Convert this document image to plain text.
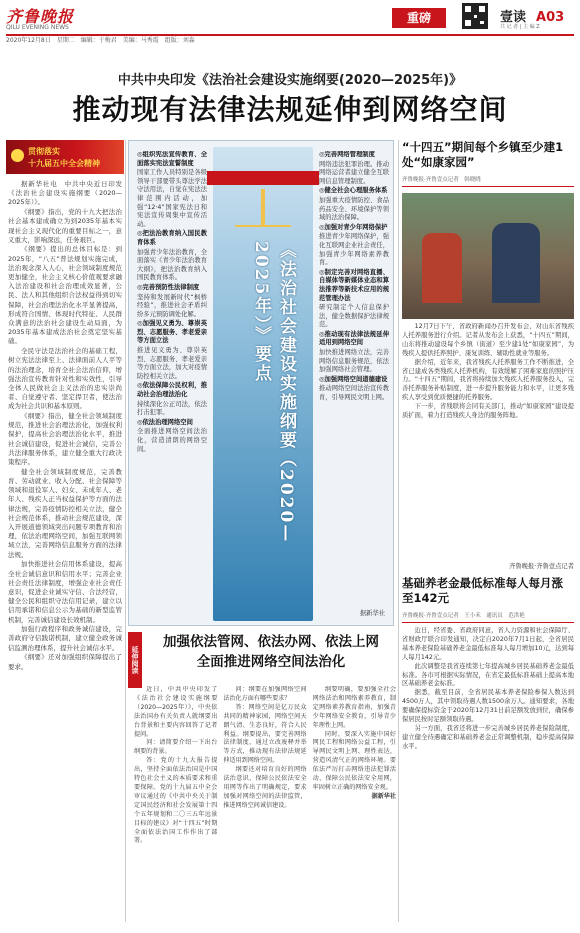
齐鲁晚报
QILU EVENING NEWS
重磅	壹读 A03
共 记 者 | 主 编 Z
2020年12月8日　星期二　编辑：于梅君　美编：马秀霞　组版：刘淼
中共中央印发《法治社会建设实施纲要(2020—2025年)》
推动现有法律法规延伸到网络空间
贯彻落实
十九届五中全会精神

据新华社电　中共中央近日印发《法治社会建设实施纲要（2020—2025年）》。

《纲要》指出，党的十九大把法治社会基本建成确立为到2035年基本实现社会主义现代化的重要目标之一，意义重大，影响深远，任务艰巨。

《纲要》提出的总体目标是：到2025年，“八五”普法规划实施完成，法治观念深入人心，社会领域制度规范更加健全，社会主义核心价值观要求融入法治建设和社会治理成效显著，公民、法人和其他组织合法权益得到切实保障，社会治理法治化水平显著提高，形成符合国情、体现时代特征、人民群众满意的法治社会建设生动局面，为2035年基本建成法治社会奠定坚实基础。

全民守法是法治社会的基础工程，树立宪法法律至上、法律面前人人平等的法治理念，培育全社会法治信仰，增强法治宣传教育针对性和实效性，引导全体人民做社会主义法治的忠实崇尚者、自觉遵守者、坚定捍卫者，使法治成为社会共识和基本原则。

《纲要》指出，健全社会领域制度规范，推进社会治理法治化，加强权利保护，提高社会治理法治化水平，推进社会诚信建设，促进社会诚信，完善公共法律服务体系，建立健全重大行政决策程序。

健全社会领域制度规范，完善教育、劳动就业、收入分配、社会保障等领域和退役军人、妇女、未成年人、老年人、残疾人正当权益保护等方面的法律法规，完善疫情防控相关立法，健全社会规范体系，推动社会规范建设，深入开展道德领域突出问题专项教育和治理，依法治理网络空间，加强互联网领域立法，完善网络信息服务方面的法律法规。

加快推进社会信用体系建设，提高全社会诚信意识和信用水平；完善企业社会责任法律制度，增强企业社会责任意识，促进企业诚实守信、合法经营，健全公民和组织守法信用记录，建立以信用承诺和信息公示为基础的新型监管机制，完善诚信建设长效机制。

加强行政程序和政务诚信建设，完善政府守信践诺机制，建立健全政务诚信监测治理体系，提升社会诚信水平。

《纲要》还对加强组织保障提出了要求。

《法治社会建设实施纲要（2020—2025年）》要点

◎组织宪法宣传教育、全面落实宪法宣誓制度

国家工作人员特别是各级领导干部要带头尊法学法守法用法，自觉在宪法法律范围内活动，加强“12·4”国家宪法日和宪法宣传周集中宣传活动。

◎把法治教育纳入国民教育体系

加强青少年法治教育，全面落实《青少年法治教育大纲》，把法治教育纳入国民教育体系。

◎完善预防性法律制度

坚持和发展新时代“枫桥经验”，推进社会矛盾纠纷多元预防调处化解。

◎加强见义勇为、尊崇英烈、志愿服务、孝老爱亲等方面立法

推进见义勇为、尊崇英烈、志愿服务、孝老爱亲等方面立法，加大对疫情防控相关立法。

◎依法保障公民权利，推动社会治理法治化

持续深化公正司法，依法打击犯罪。

◎依法治理网络空间

全面推进网络空间法治化，营造清朗的网络空间。

◎完善网络管理制度

网络违法犯罪治理。推动网络运营者建立健全互联网信息管理制度。

◎健全社会心理服务体系

加强重大疫情防控、食品药品安全、环境保护等领域的法治保障。

◎加强对青少年网络保护

推进青少年网络保护，强化互联网企业社会责任，加强青少年网络素养教育。

◎制定完善对网络直播、自媒体等新媒体业态和算法推荐等新技术应用的规范管理办法

研究制定个人信息保护法，健全数据保护法律规范。

◎推动现有法律法规延伸适用到网络空间

加快推进网络立法，完善网络信息服务规范，依法加强网络社会管理。

◎加强网络空间道德建设

推动网络空间法治宣传教育，引导网民文明上网。

据新华社
“十四五”期间每个乡镇至少建1处“如康家园”
齐鲁晚报·齐鲁壹点记者　韩晓晓

12月7日下午，省政府新闻办召开发布会，对山东省残疾人托养服务进行介绍。记者从发布会上获悉，“十四五”期间，山东将推动建设每个乡镇（街道）至少建1处“如康家园”，为残疾人提供托养照护、康复训练、辅助性就业等服务。

据介绍，近年来，我省残疾人托养服务工作不断推进，全省已建成各类残疾人托养机构，有效缓解了困难家庭的照护压力。“十四五”期间，我省将持续加大残疾人托养服务投入，完善托养服务补贴制度，进一步提升服务能力和水平，让更多残疾人享受到优质便捷的托养服务。

下一步，省残联将会同有关部门，推动“如康家园”建设提质扩面，着力打造残疾人身边的服务阵地。

齐鲁晚报·齐鲁壹点记者
基础养老金最低标准每人每月涨至142元
齐鲁晚报·齐鲁壹点记者　王小禾　通讯员　范洪艳

近日，经省委、省政府同意，省人力资源和社会保障厅、省财政厅联合印发通知，决定自2020年7月1日起，全省居民基本养老保险基础养老金最低标准每人每月增加10元，达到每人每月142元。

此次调整是我省连续第七年提高城乡居民基础养老金最低标准。各市可根据实际情况，在省定最低标准基础上提高本地区基础养老金标准。

据悉，截至目前，全省居民基本养老保险参保人数达到4500万人，其中领取待遇人数1500余万人。通知要求，各地要确保提标资金于2020年12月31日前足额发放到位，确保参保居民按时足额领取待遇。

另一方面，我省还将进一步完善城乡居民养老保险制度，建立健全待遇确定和基础养老金正常调整机制，稳步提高保障水平。

延伸阅读
加强依法管网、依法办网、依法上网
全面推进网络空间法治化

近日，中共中央印发了《法治社会建设实施纲要（2020—2025年）》，中央依法治国办有关负责人就纲要出台背景和主要内容回答了记者提问。

问：请简要介绍一下出台纲要的背景。

答：党的十九大报告提出，坚持全面依法治国是中国特色社会主义的本质要求和重要保障。党的十九届五中全会审议通过的《中共中央关于制定国民经济和社会发展第十四个五年规划和二〇三五年远景目标的建议》对“十四五”时期全面依法治国工作作出了部署。

问：纲要在加强网络空间法治化方面有哪些要求？

答：网络空间是亿万民众共同的精神家园，网络空间天朗气清、生态良好，符合人民利益。纲要提出，要完善网络法律制度，通过立改废释并举等方式，推动现有法律法规延伸适用到网络空间。

纲要还对培育良好的网络法治意识、保障公民依法安全用网等作出了明确规定，要求加强对网络空间的法律监管，推进网络空间诚信建设。

纲要明确，要加强全社会网络法治和网络素养教育，制定网络素养教育指南，加强青少年网络安全教育，引导青少年理性上网。

同时，要深入实施中国好网民工程和网络公益工程，引导网民文明上网、理性表达，营造风清气正的网络环境。要依法严厉打击网络违法犯罪活动，保障公民依法安全用网，牢固树立正确的网络安全观。

据新华社
